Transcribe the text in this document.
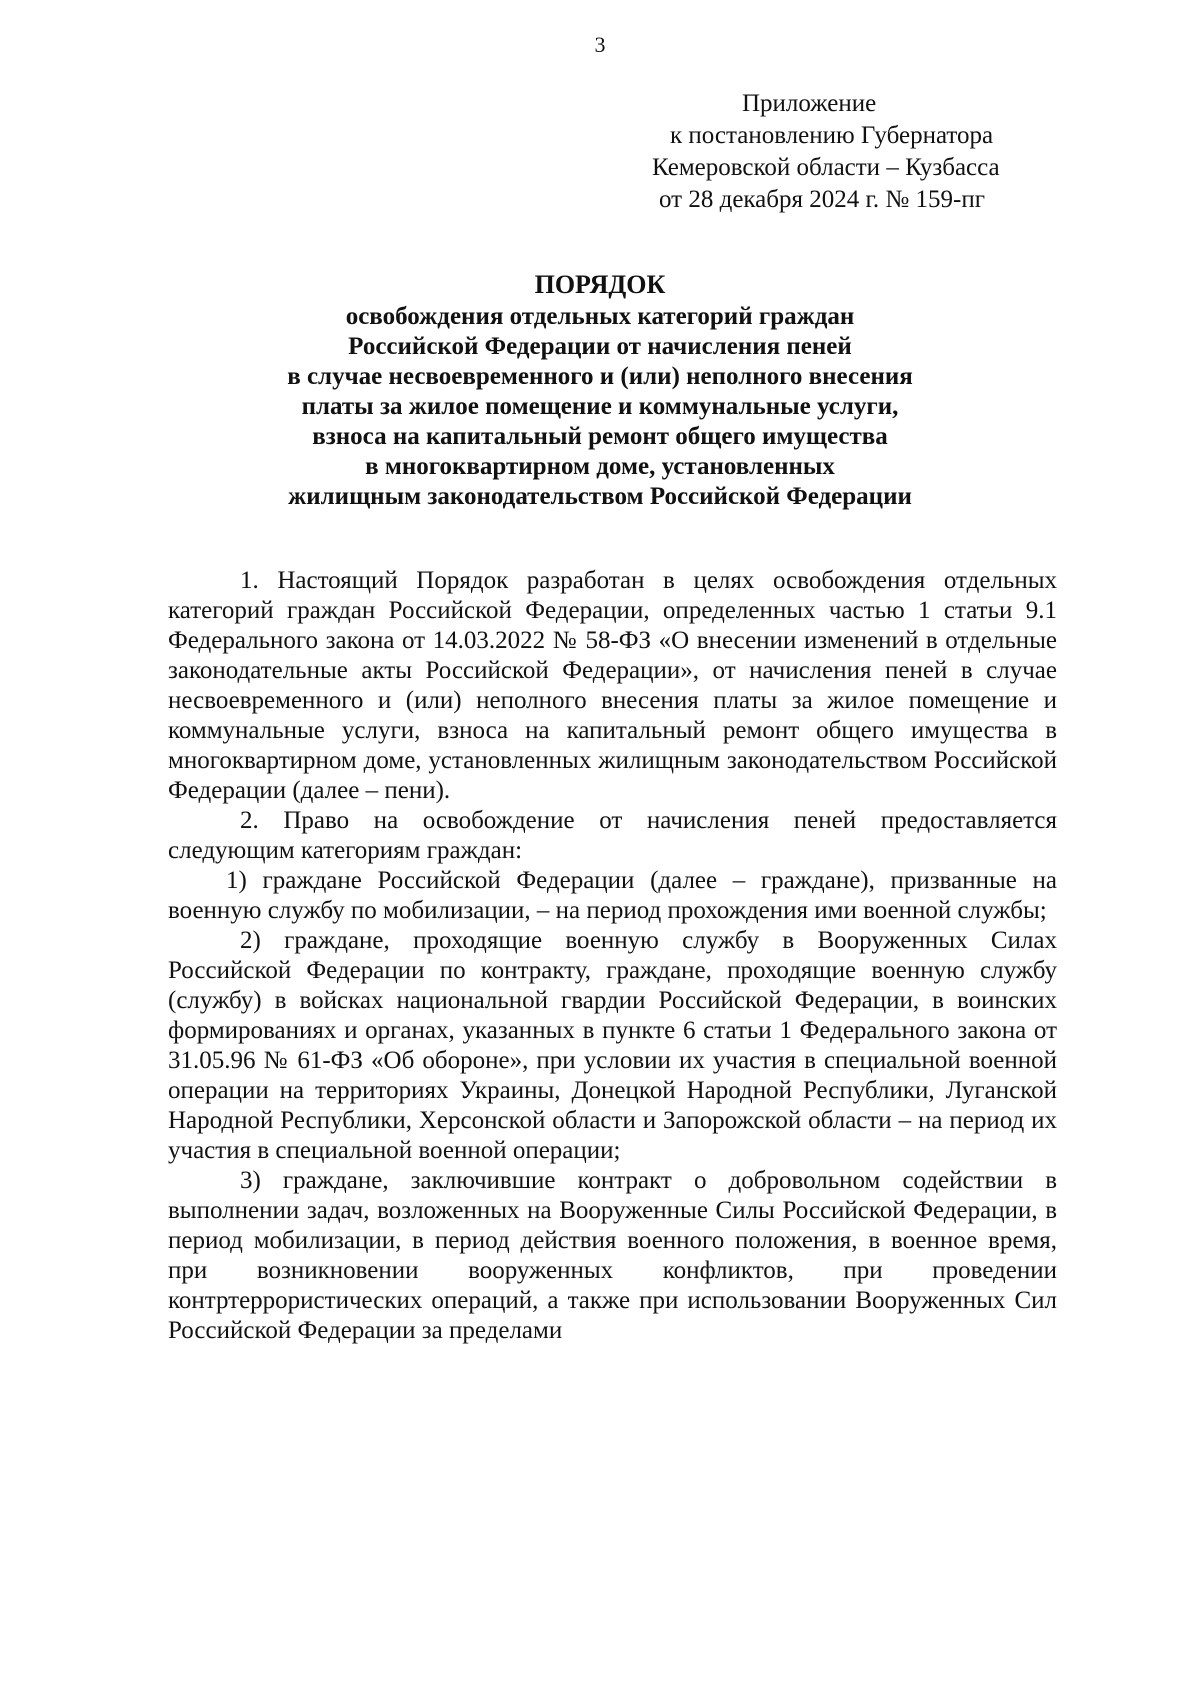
3
Приложение
к постановлению Губернатора
Кемеровской области – Кузбасса
от 28 декабря 2024 г. № 159-пг
ПОРЯДОК
освобождения отдельных категорий граждан
Российской Федерации от начисления пеней
в случае несвоевременного и (или) неполного внесения
платы за жилое помещение и коммунальные услуги,
взноса на капитальный ремонт общего имущества
в многоквартирном доме, установленных
жилищным законодательством Российской Федерации

1. Настоящий Порядок разработан в целях освобождения отдельных категорий граждан Российской Федерации, определенных частью 1 статьи 9.1 Федерального закона от 14.03.2022 № 58-ФЗ «О внесении изменений в отдельные законодательные акты Российской Федерации», от начисления пеней в случае несвоевременного и (или) неполного внесения платы за жилое помещение и коммунальные услуги, взноса на капитальный ремонт общего имущества в многоквартирном доме, установленных жилищным законодательством Российской Федерации (далее – пени).

2. Право на освобождение от начисления пеней предоставляется следующим категориям граждан:

1) граждане Российской Федерации (далее – граждане), призванные на военную службу по мобилизации, – на период прохождения ими военной службы;

2) граждане, проходящие военную службу в Вооруженных Силах Российской Федерации по контракту, граждане, проходящие военную службу (службу) в войсках национальной гвардии Российской Федерации, в воинских формированиях и органах, указанных в пункте 6 статьи 1 Федерального закона от 31.05.96 № 61-ФЗ «Об обороне», при условии их участия в специальной военной операции на территориях Украины, Донецкой Народной Республики, Луганской Народной Республики, Херсонской области и Запорожской области – на период их участия в специальной военной операции;

3) граждане, заключившие контракт о добровольном содействии в выполнении задач, возложенных на Вооруженные Силы Российской Федерации, в период мобилизации, в период действия военного положения, в военное время, при возникновении вооруженных конфликтов, при проведении контртеррористических операций, а также при использовании Вооруженных Сил Российской Федерации за пределами
